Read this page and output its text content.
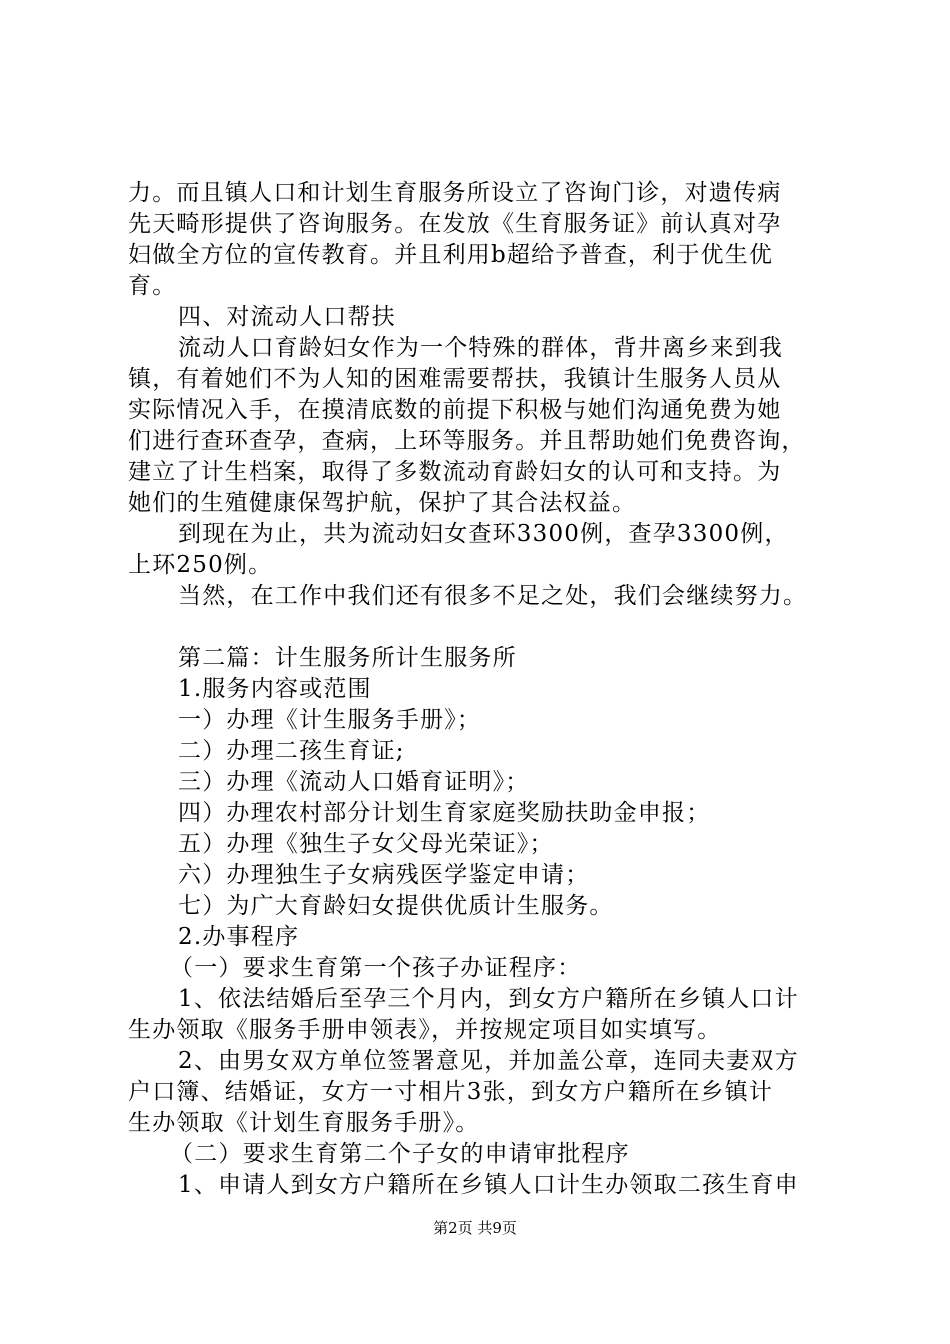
力。而且镇人口和计划生育服务所设立了咨询门诊，对遗传病
先天畸形提供了咨询服务。在发放《生育服务证》前认真对孕
妇做全方位的宣传教育。并且利用b超给予普查，利于优生优
育。
四、对流动人口帮扶
流动人口育龄妇女作为一个特殊的群体，背井离乡来到我
镇，有着她们不为人知的困难需要帮扶，我镇计生服务人员从
实际情况入手，在摸清底数的前提下积极与她们沟通免费为她
们进行查环查孕，查病，上环等服务。并且帮助她们免费咨询，
建立了计生档案，取得了多数流动育龄妇女的认可和支持。为
她们的生殖健康保驾护航，保护了其合法权益。
到现在为止，共为流动妇女查环3300例，查孕3300例，
上环250例。
当然，在工作中我们还有很多不足之处，我们会继续努力。
第二篇：计生服务所计生服务所
1.服务内容或范围
一）办理《计生服务手册》；
二）办理二孩生育证;
三）办理《流动人口婚育证明》；
四）办理农村部分计划生育家庭奖励扶助金申报；
五）办理《独生子女父母光荣证》；
六）办理独生子女病残医学鉴定申请；
七）为广大育龄妇女提供优质计生服务。
2.办事程序
（一）要求生育第一个孩子办证程序：
1、依法结婚后至孕三个月内，到女方户籍所在乡镇人口计
生办领取《服务手册申领表》，并按规定项目如实填写。
2、由男女双方单位签署意见，并加盖公章，连同夫妻双方
户口簿、结婚证，女方一寸相片3张，到女方户籍所在乡镇计
生办领取《计划生育服务手册》。
（二）要求生育第二个子女的申请审批程序
1、申请人到女方户籍所在乡镇人口计生办领取二孩生育申
第2页 共9页
